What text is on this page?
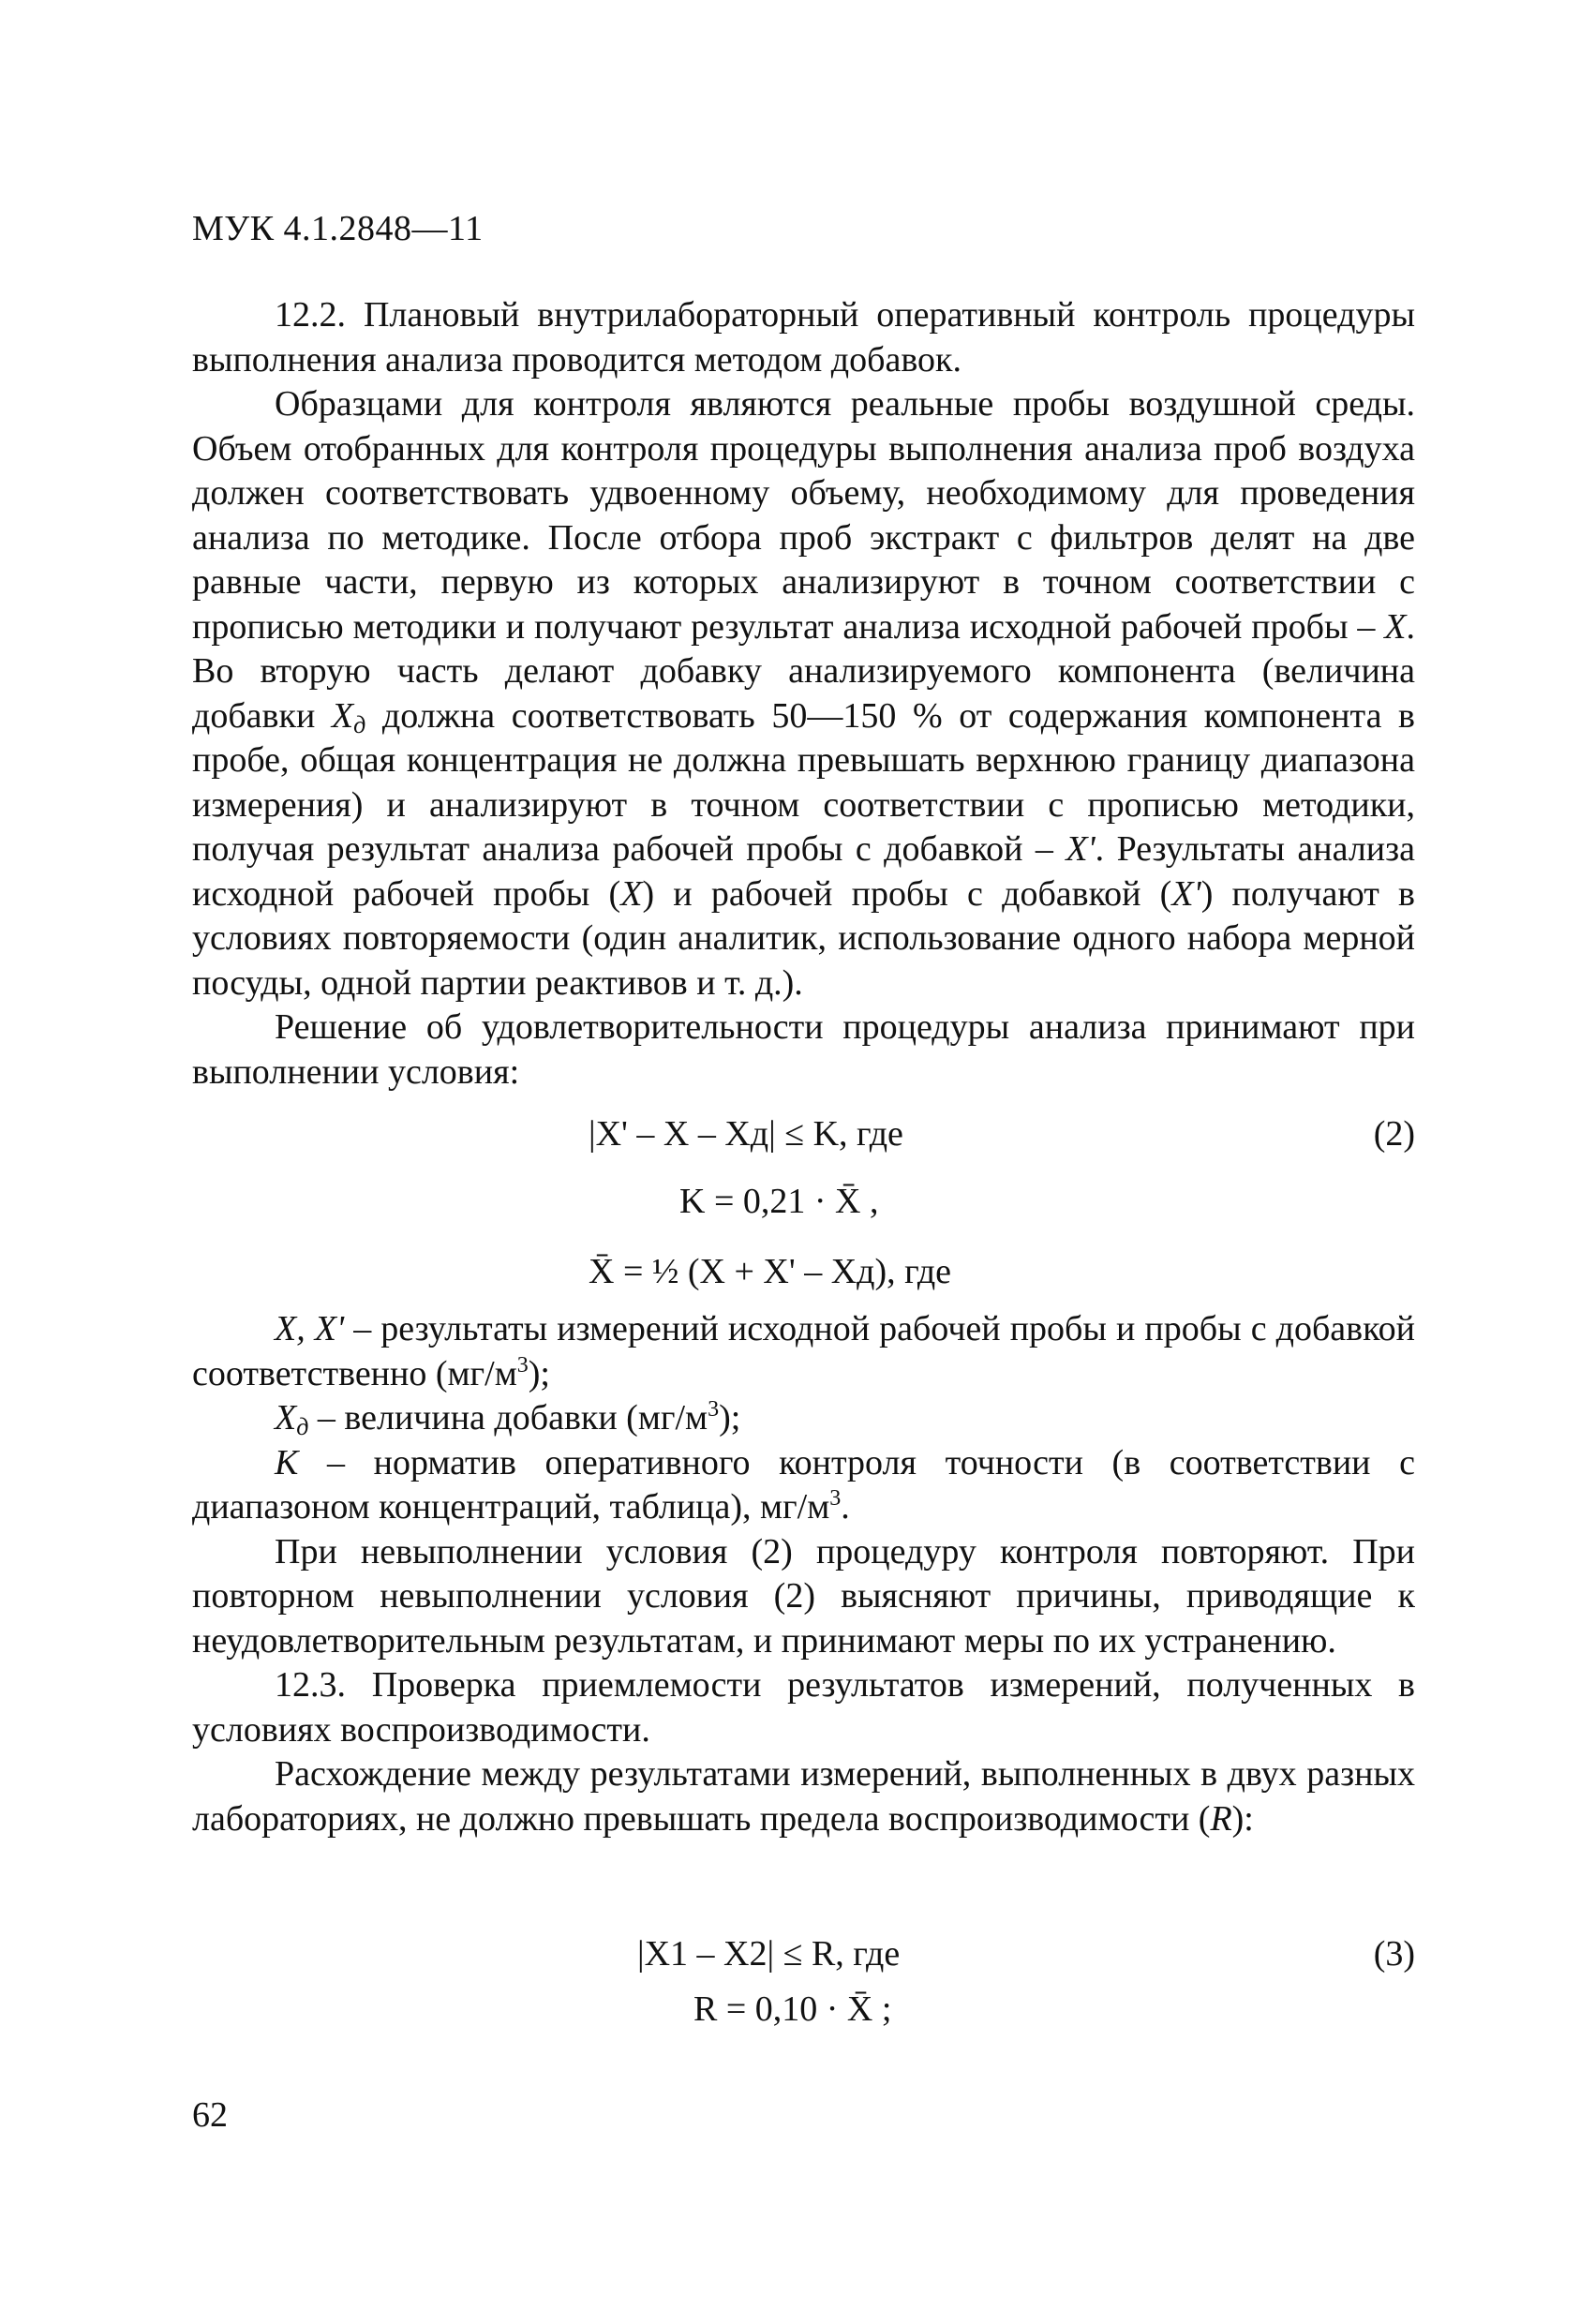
МУК 4.1.2848—11

12.2. Плановый внутрилабораторный оперативный контроль процедуры выполнения анализа проводится методом добавок.

Образцами для контроля являются реальные пробы воздушной среды. Объем отобранных для контроля процедуры выполнения анализа проб воздуха должен соответствовать удвоенному объему, необходимому для проведения анализа по методике. После отбора проб экстракт с фильтров делят на две равные части, первую из которых анализируют в точном соответствии с прописью методики и получают результат анализа исходной рабочей пробы – X. Во вторую часть делают добавку анализируемого компонента (величина добавки $X_д$ должна соответствовать 50—150 % от содержания компонента в пробе, общая концентрация не должна превышать верхнюю границу диапазона измерения) и анализируют в точном соответствии с прописью методики, получая результат анализа рабочей пробы с добавкой – X'. Результаты анализа исходной рабочей пробы (X) и рабочей пробы с добавкой (X') получают в условиях повторяемости (один аналитик, использование одного набора мерной посуды, одной партии реактивов и т. д.).

Решение об удовлетворительности процедуры анализа принимают при выполнении условия:

|X' – X – Xд| ≤ K, где	(2)
K = 0,21 · X̄ ,
X̄ = ½ (X + X' – Xд), где

X, X' – результаты измерений исходной рабочей пробы и пробы с добавкой соответственно $(мг/м^3)$;

$X_д$ – величина добавки $(мг/м^3)$;

K – норматив оперативного контроля точности (в соответствии с диапазоном концентраций, таблица), $мг/м^3$.

При невыполнении условия (2) процедуру контроля повторяют. При повторном невыполнении условия (2) выясняют причины, приводящие к неудовлетворительным результатам, и принимают меры по их устранению.

12.3. Проверка приемлемости результатов измерений, полученных в условиях воспроизводимости.

Расхождение между результатами измерений, выполненных в двух разных лабораториях, не должно превышать предела воспроизводимости (R):

|X1 – X2| ≤ R, где	(3)
R = 0,10 · X̄ ;
62
